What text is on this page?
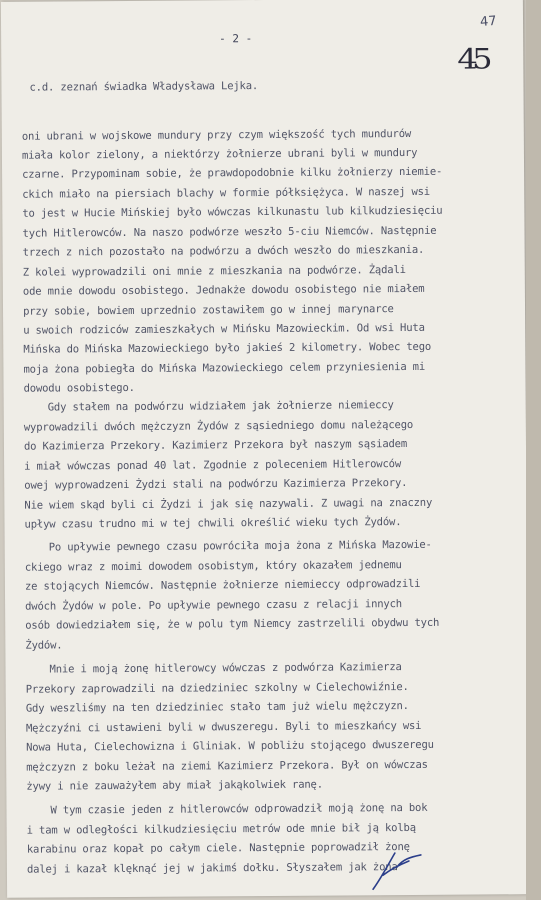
- 2 -
47
45
c.d. zeznań świadka Władysława Lejka.
oni ubrani w wojskowe mundury przy czym większość tych mundurów
miała kolor zielony, a niektórzy żołnierze ubrani byli w mundury
czarne. Przypominam sobie, że prawdopodobnie kilku żołnierzy niemie-
ckich miało na piersiach blachy w formie półksiężyca. W naszej wsi
to jest w Hucie Mińskiej było wówczas kilkunastu lub kilkudziesięciu
tych Hitlerowców. Na naszo podwórze weszło 5-ciu Niemców. Następnie
trzech z nich pozostało na podwórzu a dwóch weszło do mieszkania.
Z kolei wyprowadzili oni mnie z mieszkania na podwórze. Żądali
ode mnie dowodu osobistego. Jednakże dowodu osobistego nie miałem
przy sobie, bowiem uprzednio zostawiłem go w innej marynarce
u swoich rodziców zamieszkałych w Mińsku Mazowieckim. Od wsi Huta
Mińska do Mińska Mazowieckiego było jakieś 2 kilometry. Wobec tego
moja żona pobiegła do Mińska Mazowieckiego celem przyniesienia mi
dowodu osobistego.
Gdy stałem na podwórzu widziałem jak żołnierze niemieccy
wyprowadzili dwóch mężczyzn Żydów z sąsiedniego domu należącego
do Kazimierza Przekory. Kazimierz Przekora był naszym sąsiadem
i miał wówczas ponad 40 lat. Zgodnie z poleceniem Hitlerowców
owej wyprowadzeni Żydzi stali na podwórzu Kazimierza Przekory.
Nie wiem skąd byli ci Żydzi i jak się nazywali. Z uwagi na znaczny
upływ czasu trudno mi w tej chwili określić wieku tych Żydów.
Po upływie pewnego czasu powróciła moja żona z Mińska Mazowie-
ckiego wraz z moimi dowodem osobistym, który okazałem jednemu
ze stojących Niemców. Następnie żołnierze niemieccy odprowadzili
dwóch Żydów w pole. Po upływie pewnego czasu z relacji innych
osób dowiedziałem się, że w polu tym Niemcy zastrzelili obydwu tych
Żydów.
Mnie i moją żonę hitlerowcy wówczas z podwórza Kazimierza
Przekory zaprowadzili na dziedziniec szkolny w Cielechowiźnie.
Gdy weszliśmy na ten dziedziniec stało tam już wielu mężczyzn.
Mężczyźni ci ustawieni byli w dwuszeregu. Byli to mieszkańcy wsi
Nowa Huta, Cielechowizna i Gliniak. W pobliżu stojącego dwuszeregu
mężczyzn z boku leżał na ziemi Kazimierz Przekora. Był on wówczas
żywy i nie zauważyłem aby miał jakąkolwiek ranę.
W tym czasie jeden z hitlerowców odprowadził moją żonę na bok
i tam w odległości kilkudziesięciu metrów ode mnie bił ją kolbą
karabinu oraz kopał po całym ciele. Następnie poprowadził żonę
dalej i kazał klęknąć jej w jakimś dołku. Słyszałem jak żona
